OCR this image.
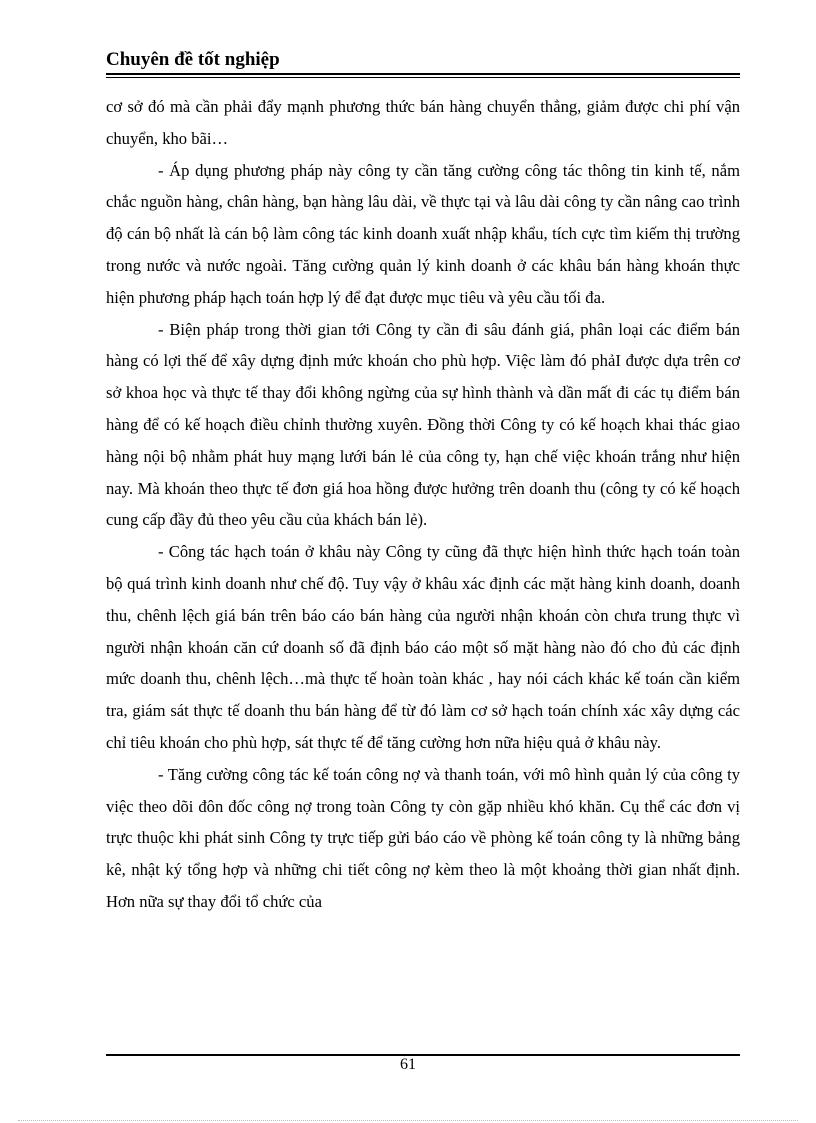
Chuyên đề tốt nghiệp

cơ sở đó mà cần phải đẩy mạnh phương thức bán hàng chuyển thẳng, giảm được chi phí vận chuyển, kho bãi…

- Áp dụng phương pháp này công ty cần tăng cường công tác thông tin kinh tế, nắm chắc nguồn hàng, chân hàng, bạn hàng lâu dài, về thực tại và lâu dài công ty cần nâng cao trình độ cán bộ nhất là cán bộ làm công tác kinh doanh xuất nhập khẩu, tích cực tìm kiếm thị trường trong nước và nước ngoài. Tăng cường quản lý kinh doanh ở các khâu bán hàng khoán thực hiện phương pháp hạch toán hợp lý để đạt được mục tiêu và yêu cầu tối đa.

- Biện pháp trong thời gian tới Công ty cần đi sâu đánh giá, phân loại các điểm bán hàng có lợi thế để xây dựng định mức khoán cho phù hợp. Việc làm đó phảI được dựa trên cơ sở khoa học và thực tế thay đổi không ngừng của sự hình thành và dần mất đi các tụ điểm bán hàng để có kế hoạch điều chỉnh thường xuyên. Đồng thời Công ty có kế hoạch khai thác giao hàng nội bộ nhằm phát huy mạng lưới bán lẻ của công ty, hạn chế việc khoán trắng như hiện nay. Mà khoán theo thực tế đơn giá hoa hồng được hưởng trên doanh thu (công ty có kế hoạch cung cấp đầy đủ theo yêu cầu của khách bán lẻ).

- Công tác hạch toán ở khâu này Công ty cũng đã thực hiện hình thức hạch toán toàn bộ quá trình kinh doanh như chế độ. Tuy vậy ở khâu xác định các mặt hàng kinh doanh, doanh thu, chênh lệch giá bán trên báo cáo bán hàng của người nhận khoán còn chưa trung thực vì người nhận khoán căn cứ doanh số đã định báo cáo một số mặt hàng nào đó cho đủ các định mức doanh thu, chênh lệch…mà thực tế hoàn toàn khác , hay nói cách khác kế toán cần kiểm tra, giám sát thực tế doanh thu bán hàng để từ đó làm cơ sở hạch toán chính xác xây dựng các chỉ tiêu khoán cho phù hợp, sát thực tế để tăng cường hơn nữa hiệu quả ở khâu này.

- Tăng cường công tác kế toán công nợ và thanh toán, với mô hình quản lý của công ty việc theo dõi đôn đốc công nợ trong toàn Công ty còn gặp nhiều khó khăn. Cụ thể các đơn vị trực thuộc khi phát sinh Công ty trực tiếp gửi báo cáo về phòng kế toán công ty là những bảng kê, nhật ký tổng hợp và những chi tiết công nợ kèm theo là một khoảng thời gian nhất định. Hơn nữa sự thay đổi tổ chức của

61
